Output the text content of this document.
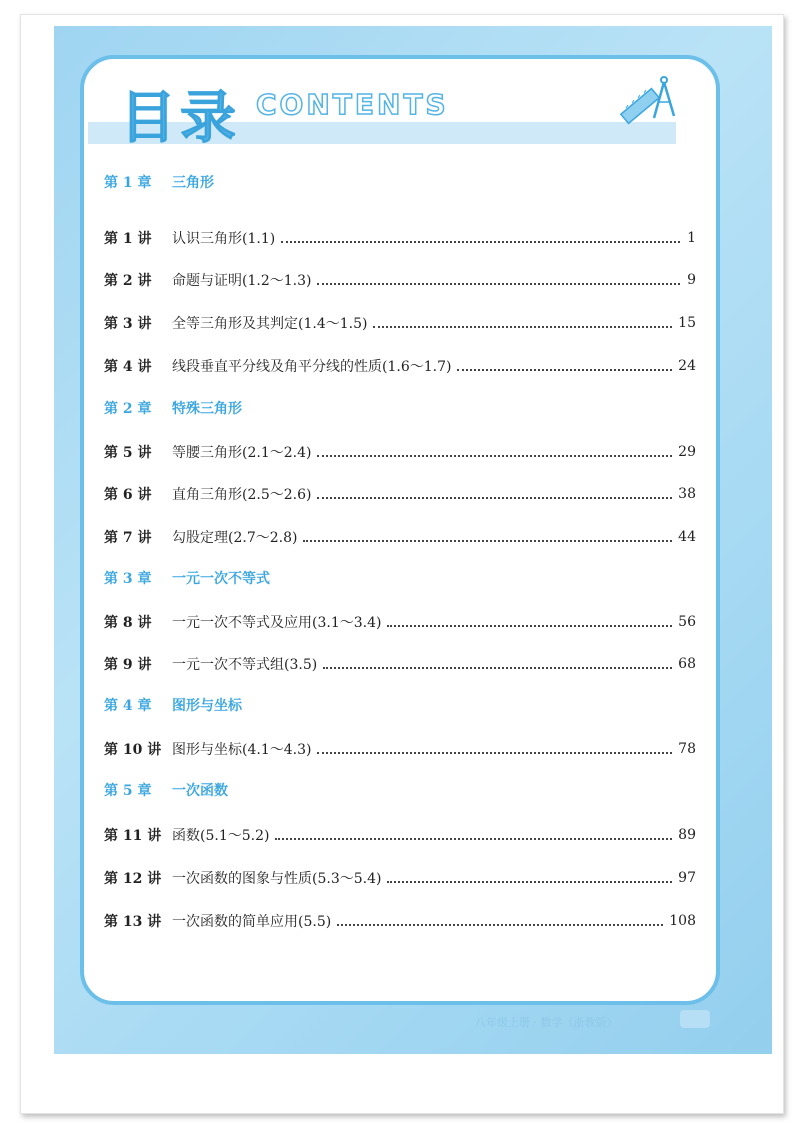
目录 CONTENTS
第 1 章	三角形
第 1 讲	认识三角形(1.1)	1
第 2 讲	命题与证明(1.2～1.3)	9
第 3 讲	全等三角形及其判定(1.4～1.5)	15
第 4 讲	线段垂直平分线及角平分线的性质(1.6～1.7)	24
第 2 章	特殊三角形
第 5 讲	等腰三角形(2.1～2.4)	29
第 6 讲	直角三角形(2.5～2.6)	38
第 7 讲	勾股定理(2.7～2.8)	44
第 3 章	一元一次不等式
第 8 讲	一元一次不等式及应用(3.1～3.4)	56
第 9 讲	一元一次不等式组(3.5)	68
第 4 章	图形与坐标
第 10 讲 图形与坐标(4.1～4.3)	78
第 5 章	一次函数
第 11 讲 函数(5.1～5.2)	89
第 12 讲 一次函数的图象与性质(5.3～5.4)	97
第 13 讲 一次函数的简单应用(5.5)	108
八年级上册 · 数学（浙教版）
